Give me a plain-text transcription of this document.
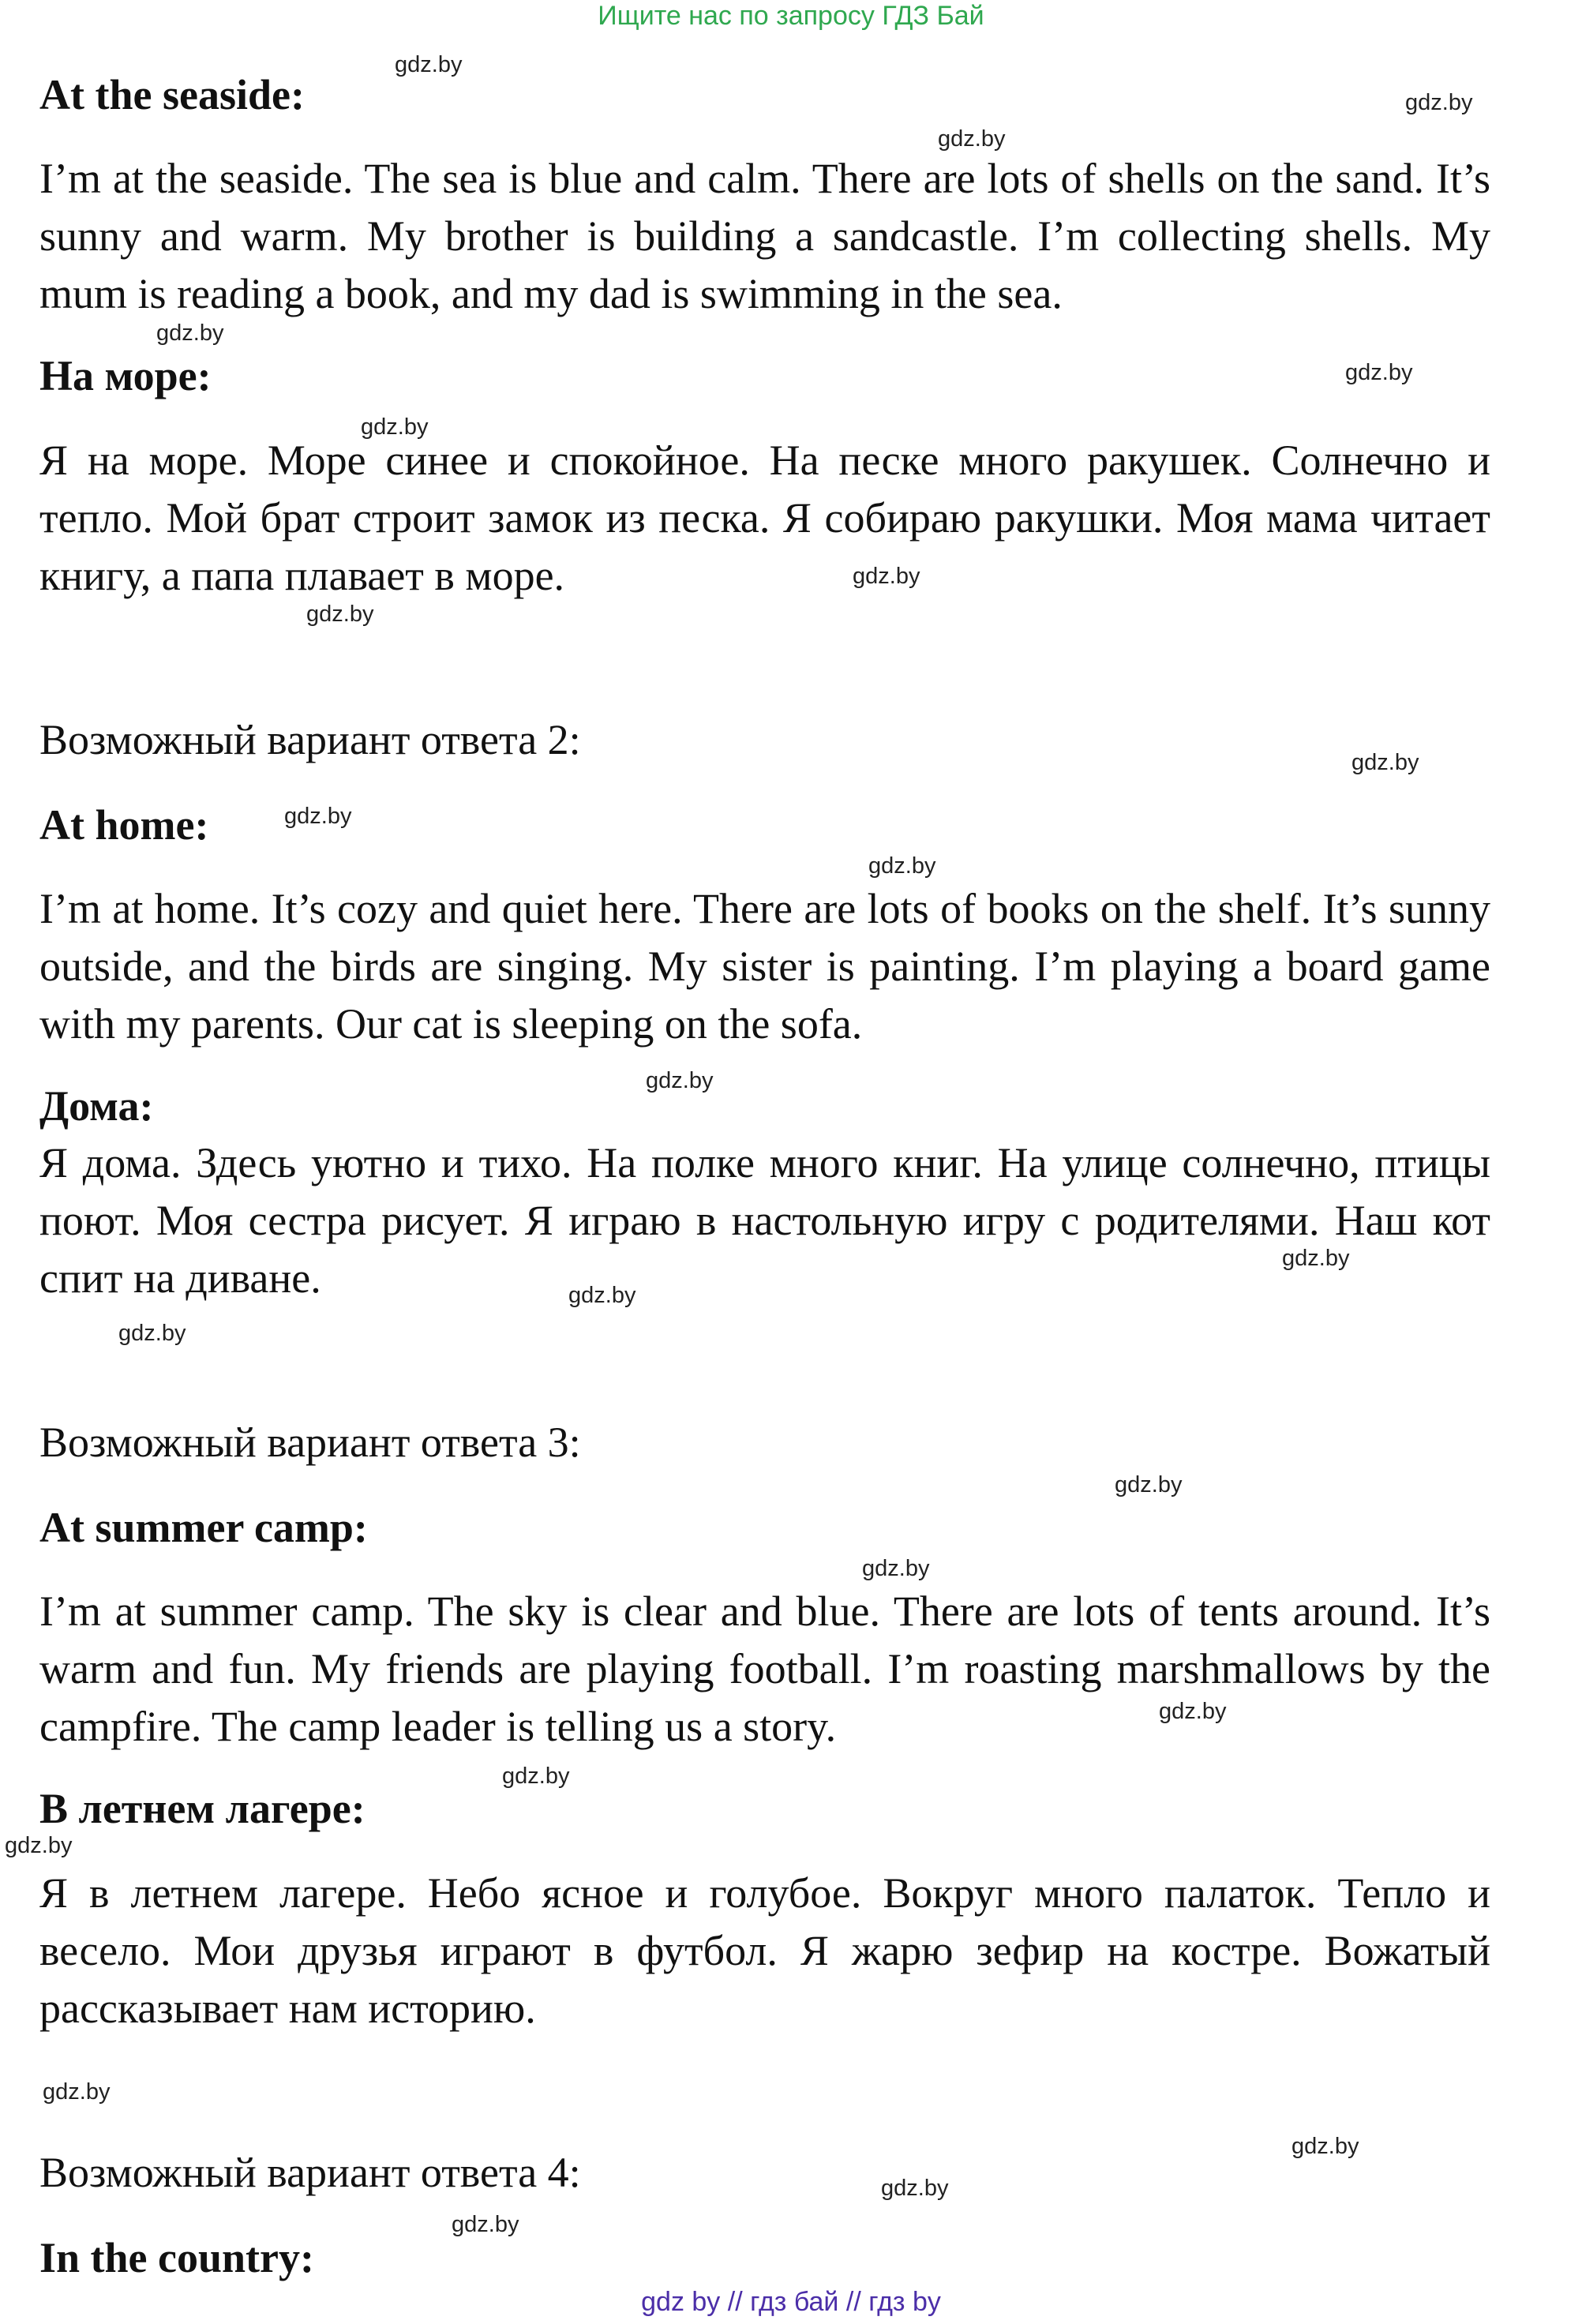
Ищите нас по запросу ГДЗ Бай
At the seaside:
I’m at the seaside. The sea is blue and calm. There are lots of shells on the sand. It’s sunny and warm. My brother is building a sandcastle. I’m collecting shells. My mum is reading a book, and my dad is swimming in the sea.
На море:
Я на море. Море синее и спокойное. На песке много ракушек. Солнечно и тепло. Мой брат строит замок из песка. Я собираю ракушки. Моя мама читает книгу, а папа плавает в море.
Возможный вариант ответа 2:
At home:
I’m at home. It’s cozy and quiet here. There are lots of books on the shelf. It’s sunny outside, and the birds are singing. My sister is painting. I’m playing a board game with my parents. Our cat is sleeping on the sofa.
Дома:
Я дома. Здесь уютно и тихо. На полке много книг. На улице солнечно, птицы поют. Моя сестра рисует. Я играю в настольную игру с родителями. Наш кот спит на диване.
Возможный вариант ответа 3:
At summer camp:
I’m at summer camp. The sky is clear and blue. There are lots of tents around. It’s warm and fun. My friends are playing football. I’m roasting marshmallows by the campfire. The camp leader is telling us a story.
В летнем лагере:
Я в летнем лагере. Небо ясное и голубое. Вокруг много палаток. Тепло и весело. Мои друзья играют в футбол. Я жарю зефир на костре. Вожатый рассказывает нам историю.
Возможный вариант ответа 4:
In the country:
gdz.by
gdz.by
gdz.by
gdz.by
gdz.by
gdz.by
gdz.by
gdz.by
gdz.by
gdz.by
gdz.by
gdz.by
gdz.by
gdz.by
gdz.by
gdz.by
gdz.by
gdz.by
gdz.by
gdz.by
gdz.by
gdz.by
gdz.by
gdz.by
gdz by // гдз бай // гдз by
